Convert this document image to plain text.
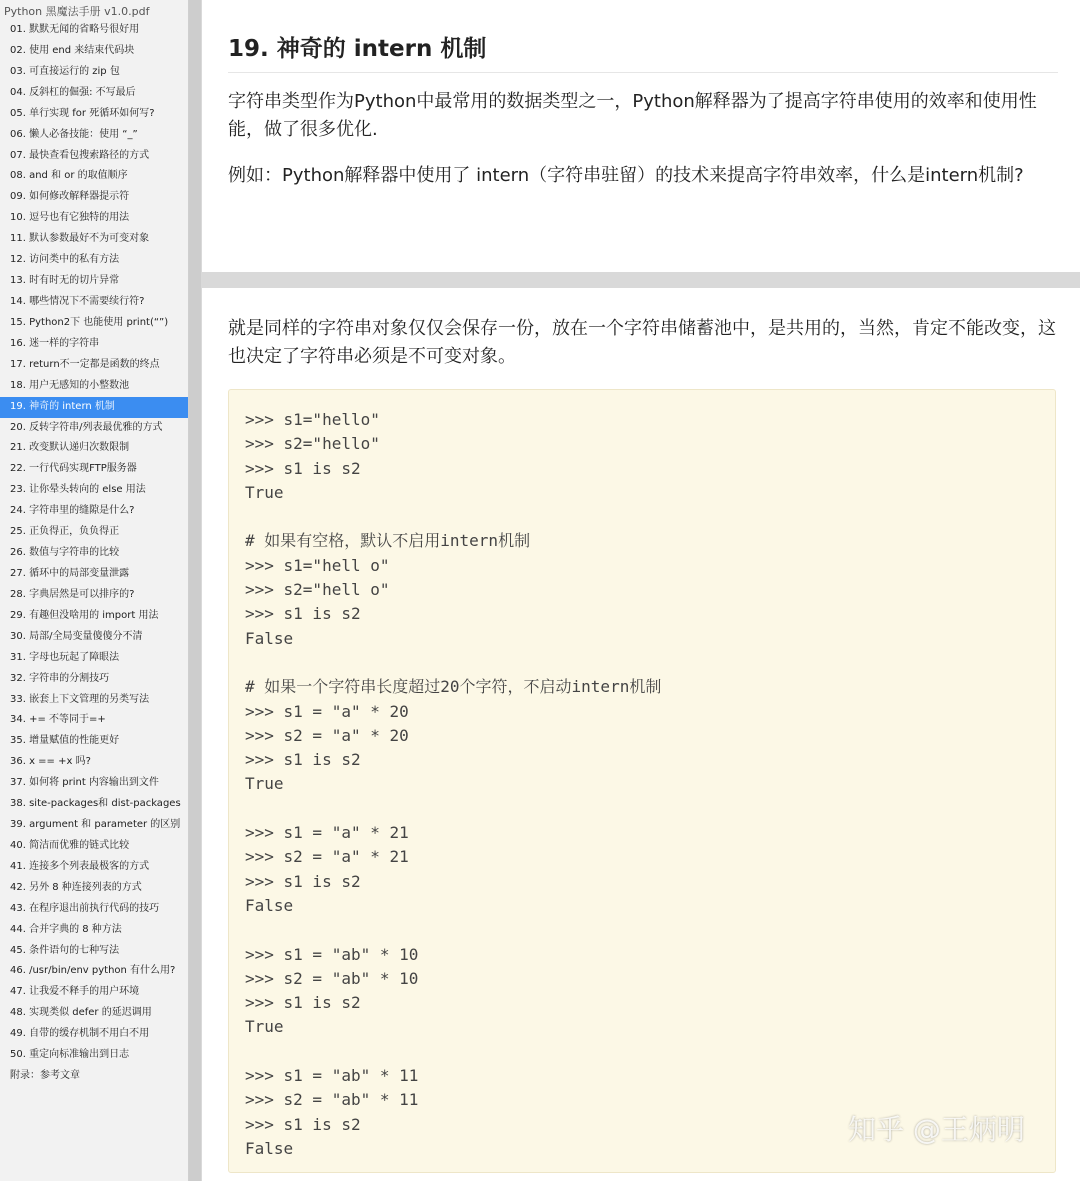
Python 黑魔法手册 v1.0.pdf
01. 默默无闻的省略号很好用
02. 使用 end 来结束代码块
03. 可直接运行的 zip 包
04. 反斜杠的倔强: 不写最后
05. 单行实现 for 死循环如何写?
06. 懒人必备技能：使用 “_”
07. 最快查看包搜索路径的方式
08. and 和 or 的取值顺序
09. 如何修改解释器提示符
10. 逗号也有它独特的用法
11. 默认参数最好不为可变对象
12. 访问类中的私有方法
13. 时有时无的切片异常
14. 哪些情况下不需要续行符?
15. Python2下 也能使用 print(“”)
16. 迷一样的字符串
17. return不一定都是函数的终点
18. 用户无感知的小整数池
19. 神奇的 intern 机制
20. 反转字符串/列表最优雅的方式
21. 改变默认递归次数限制
22. 一行代码实现FTP服务器
23. 让你晕头转向的 else 用法
24. 字符串里的缝隙是什么?
25. 正负得正，负负得正
26. 数值与字符串的比较
27. 循环中的局部变量泄露
28. 字典居然是可以排序的?
29. 有趣但没啥用的 import 用法
30. 局部/全局变量傻傻分不清
31. 字母也玩起了障眼法
32. 字符串的分割技巧
33. 嵌套上下文管理的另类写法
34. += 不等同于=+
35. 增量赋值的性能更好
36. x == +x 吗?
37. 如何将 print 内容输出到文件
38. site-packages和 dist-packages
39. argument 和 parameter 的区别
40. 简洁而优雅的链式比较
41. 连接多个列表最极客的方式
42. 另外 8 种连接列表的方式
43. 在程序退出前执行代码的技巧
44. 合并字典的 8 种方法
45. 条件语句的七种写法
46. /usr/bin/env python 有什么用?
47. 让我爱不释手的用户环境
48. 实现类似 defer 的延迟调用
49. 自带的缓存机制不用白不用
50. 重定向标准输出到日志
附录：参考文章
19. 神奇的 intern 机制

字符串类型作为Python中最常用的数据类型之一，Python解释器为了提高字符串使用的效率和使用性能，做了很多优化.

例如：Python解释器中使用了 intern（字符串驻留）的技术来提高字符串效率，什么是intern机制?

就是同样的字符串对象仅仅会保存一份，放在一个字符串储蓄池中，是共用的，当然，肯定不能改变，这也决定了字符串必须是不可变对象。

>>> s1="hello"
>>> s2="hello"
>>> s1 is s2
True
# 如果有空格，默认不启用intern机制
>>> s1="hell o"
>>> s2="hell o"
>>> s1 is s2
False
# 如果一个字符串长度超过20个字符，不启动intern机制
>>> s1 = "a" * 20
>>> s2 = "a" * 20
>>> s1 is s2
True
>>> s1 = "a" * 21
>>> s2 = "a" * 21
>>> s1 is s2
False
>>> s1 = "ab" * 10
>>> s2 = "ab" * 10
>>> s1 is s2
True
>>> s1 = "ab" * 11
>>> s2 = "ab" * 11
>>> s1 is s2
False
知乎 @王炳明
